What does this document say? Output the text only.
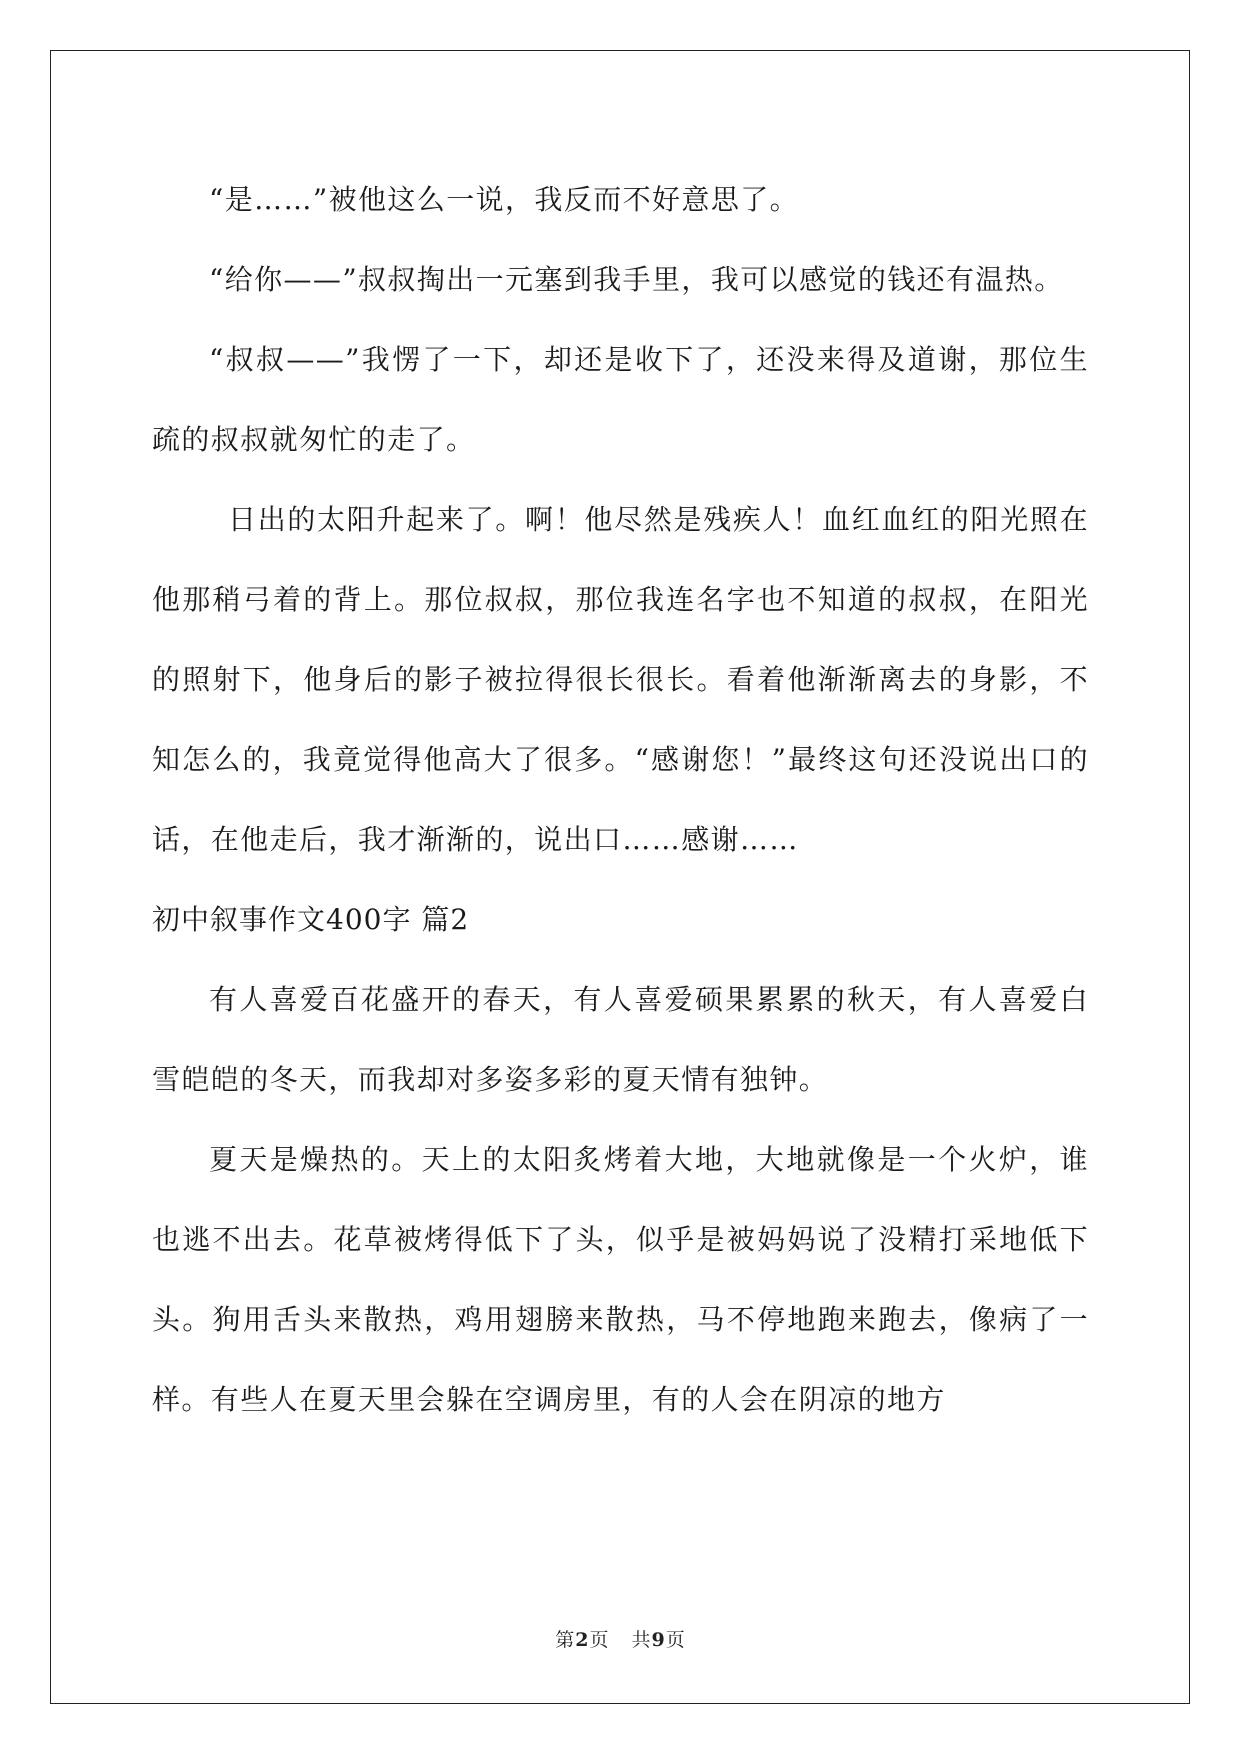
“是……”被他这么一说，我反而不好意思了。

“给你——”叔叔掏出一元塞到我手里，我可以感觉的钱还有温热。

“叔叔——”我愣了一下，却还是收下了，还没来得及道谢，那位生疏的叔叔就匆忙的走了。

日出的太阳升起来了。啊！他尽然是残疾人！血红血红的阳光照在他那稍弓着的背上。那位叔叔，那位我连名字也不知道的叔叔，在阳光的照射下，他身后的影子被拉得很长很长。看着他渐渐离去的身影，不知怎么的，我竟觉得他高大了很多。“感谢您！”最终这句还没说出口的话，在他走后，我才渐渐的，说出口……感谢……

初中叙事作文400字 篇2

有人喜爱百花盛开的春天，有人喜爱硕果累累的秋天，有人喜爱白雪皑皑的冬天，而我却对多姿多彩的夏天情有独钟。

夏天是燥热的。天上的太阳炙烤着大地，大地就像是一个火炉，谁也逃不出去。花草被烤得低下了头，似乎是被妈妈说了没精打采地低下头。狗用舌头来散热，鸡用翅膀来散热，马不停地跑来跑去，像病了一样。有些人在夏天里会躲在空调房里，有的人会在阴凉的地方

第2页 共9页
